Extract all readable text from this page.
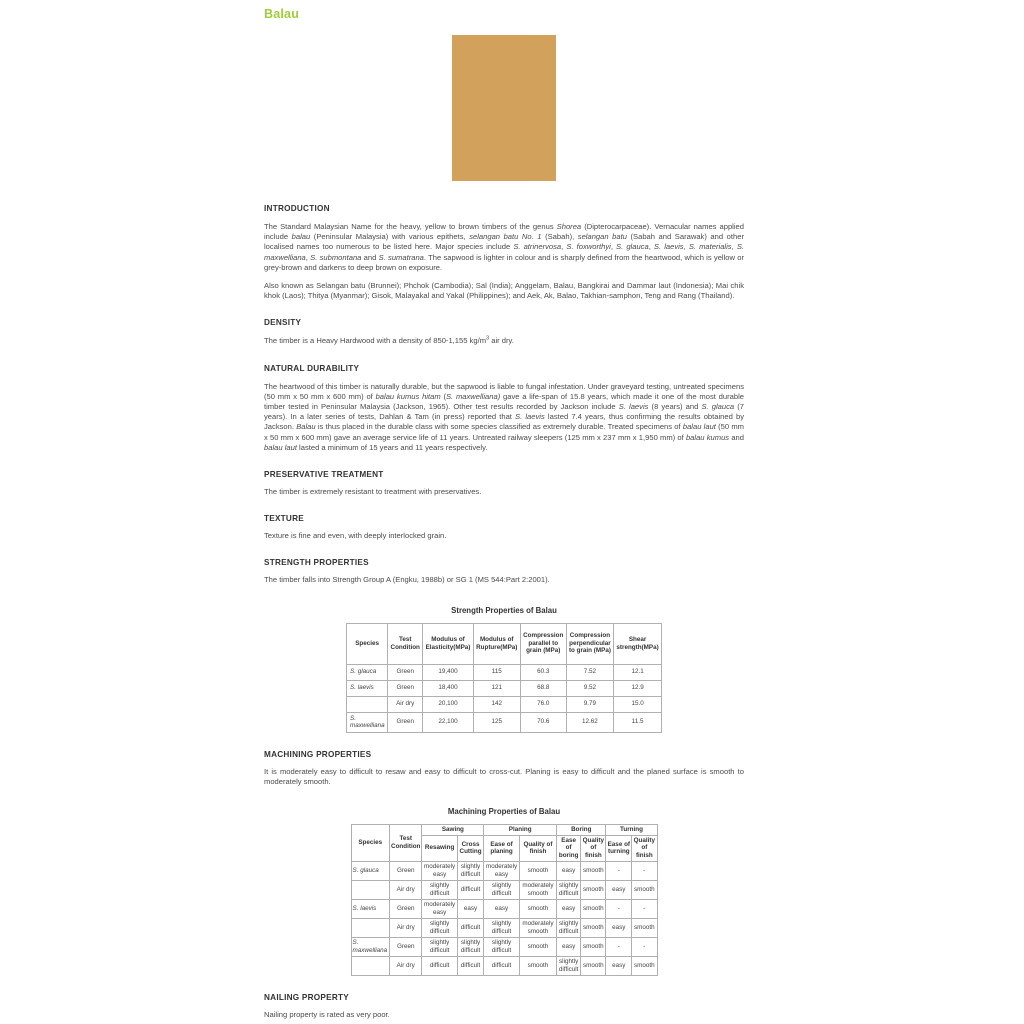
Balau
INTRODUCTION

The Standard Malaysian Name for the heavy, yellow to brown timbers of the genus Shorea (Dipterocarpaceae). Vernacular names applied include balau (Peninsular Malaysia) with various epithets, selangan batu No. 1 (Sabah), selangan batu (Sabah and Sarawak) and other localised names too numerous to be listed here. Major species include S. atrinervosa, S. foxworthyi, S. glauca, S. laevis, S. materialis, S. maxwelliana, S. submontana and S. sumatrana. The sapwood is lighter in colour and is sharply defined from the heartwood, which is yellow or grey-brown and darkens to deep brown on exposure.

Also known as Selangan batu (Brunnei); Phchok (Cambodia); Sal (India); Anggelam, Balau, Bangkirai and Dammar laut (Indonesia); Mai chik khok (Laos); Thitya (Myanmar); Gisok, Malayakal and Yakal (Philippines); and Aek, Ak, Balao, Takhian-samphon, Teng and Rang (Thailand).

DENSITY

The timber is a Heavy Hardwood with a density of 850-1,155 $kg/m^3$ air dry.

NATURAL DURABILITY

The heartwood of this timber is naturally durable, but the sapwood is liable to fungal infestation. Under graveyard testing, untreated specimens (50 mm x 50 mm x 600 mm) of balau kumus hitam (S. maxwelliana) gave a life-span of 15.8 years, which made it one of the most durable timber tested in Peninsular Malaysia (Jackson, 1965). Other test results recorded by Jackson include S. laevis (8 years) and S. glauca (7 years). In a later series of tests, Dahlan & Tam (in press) reported that S. laevis lasted 7.4 years, thus confirming the results obtained by Jackson. Balau is thus placed in the durable class with some species classified as extremely durable. Treated specimens of balau laut (50 mm x 50 mm x 600 mm) gave an average service life of 11 years. Untreated railway sleepers (125 mm x 237 mm x 1,950 mm) of balau kumus and balau laut lasted a minimum of 15 years and 11 years respectively.

PRESERVATIVE TREATMENT

The timber is extremely resistant to treatment with preservatives.

TEXTURE

Texture is fine and even, with deeply interlocked grain.

STRENGTH PROPERTIES

The timber falls into Strength Group A (Engku, 1988b) or SG 1 (MS 544:Part 2:2001).

Strength Properties of Balau
Species	Test Condition	Modulus of Elasticity(MPa)	Modulus of Rupture(MPa)	Compression parallel to grain (MPa)	Compression perpendicular to grain (MPa)	Shear strength(MPa)
S. glauca	Green	19,400	115	60.3	7.52	12.1
S. laevis	Green	18,400	121	68.8	9.52	12.9
	Air dry	20,100	142	76.0	9.79	15.0
S. maxwelliana	Green	22,100	125	70.6	12.62	11.5
MACHINING PROPERTIES

It is moderately easy to difficult to resaw and easy to difficult to cross-cut. Planing is easy to difficult and the planed surface is smooth to moderately smooth.

Machining Properties of Balau
Species	Test Condition	Sawing		Planing		Boring		Turning	
		Resawing	Cross Cutting	Ease of planing	Quality of finish	Ease of boring	Quality of finish	Ease of turning	Quality of finish
S. glauca	Green	moderately easy	slightly difficult	moderately easy	smooth	easy	smooth	-	-
	Air dry	slightly difficult	difficult	slightly difficult	moderately smooth	slightly difficult	smooth	easy	smooth
S. laevis	Green	moderately easy	easy	easy	smooth	easy	smooth	-	-
	Air dry	slightly difficult	difficult	slightly difficult	moderately smooth	slightly difficult	smooth	easy	smooth
S. maxwelliana	Green	slightly difficult	slightly difficult	slightly difficult	smooth	easy	smooth	-	-
	Air dry	difficult	difficult	difficult	smooth	slightly difficult	smooth	easy	smooth
NAILING PROPERTY

Nailing property is rated as very poor.
